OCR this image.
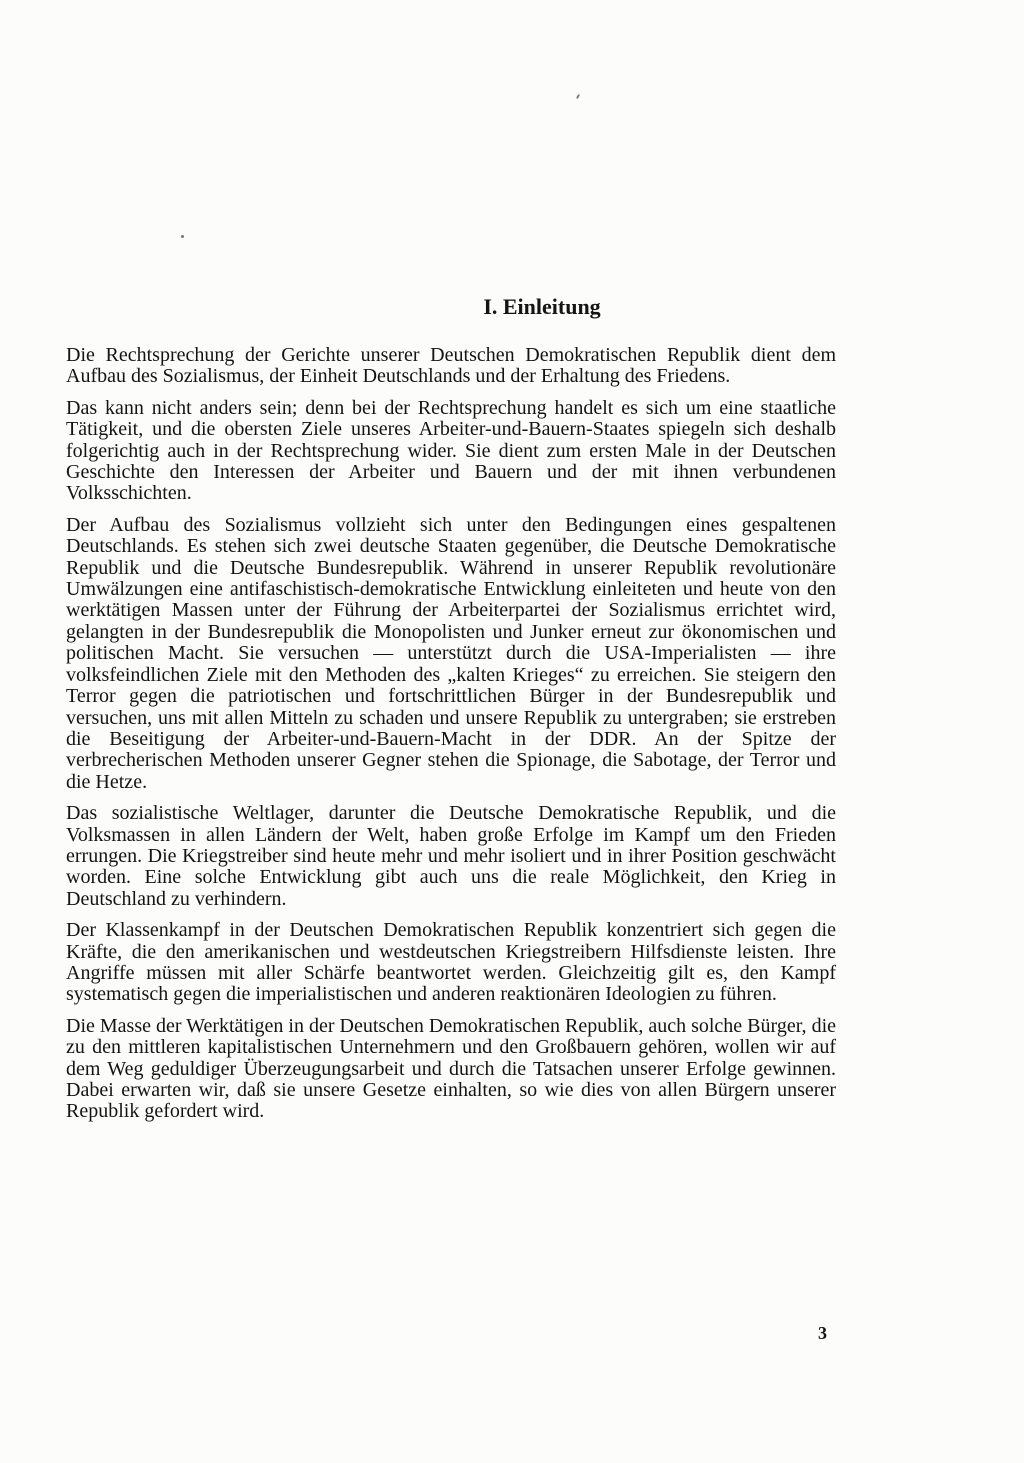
I. Einleitung

Die Rechtsprechung der Gerichte unserer Deutschen Demokratischen Republik dient dem Aufbau des Sozialismus, der Einheit Deutschlands und der Erhaltung des Friedens.

Das kann nicht anders sein; denn bei der Rechtsprechung handelt es sich um eine staatliche Tätigkeit, und die obersten Ziele unseres Arbeiter-und-Bauern-Staates spiegeln sich deshalb folgerichtig auch in der Rechtsprechung wider. Sie dient zum ersten Male in der Deutschen Geschichte den Interessen der Arbeiter und Bauern und der mit ihnen verbundenen Volksschichten.

Der Aufbau des Sozialismus vollzieht sich unter den Bedingungen eines gespaltenen Deutschlands. Es stehen sich zwei deutsche Staaten gegenüber, die Deutsche Demokratische Republik und die Deutsche Bundesrepublik. Während in unserer Republik revolutionäre Umwälzungen eine antifaschistisch-demokratische Entwicklung einleiteten und heute von den werktätigen Massen unter der Führung der Arbeiterpartei der Sozialismus errichtet wird, gelangten in der Bundesrepublik die Monopolisten und Junker erneut zur ökonomischen und politischen Macht. Sie versuchen — unterstützt durch die USA-Imperialisten — ihre volksfeindlichen Ziele mit den Methoden des „kalten Krieges“ zu erreichen. Sie steigern den Terror gegen die patriotischen und fortschrittlichen Bürger in der Bundesrepublik und versuchen, uns mit allen Mitteln zu schaden und unsere Republik zu untergraben; sie erstreben die Beseitigung der Arbeiter-und-Bauern-Macht in der DDR. An der Spitze der verbrecherischen Methoden unserer Gegner stehen die Spionage, die Sabotage, der Terror und die Hetze.

Das sozialistische Weltlager, darunter die Deutsche Demokratische Republik, und die Volksmassen in allen Ländern der Welt, haben große Erfolge im Kampf um den Frieden errungen. Die Kriegstreiber sind heute mehr und mehr isoliert und in ihrer Position geschwächt worden. Eine solche Entwicklung gibt auch uns die reale Möglichkeit, den Krieg in Deutschland zu verhindern.

Der Klassenkampf in der Deutschen Demokratischen Republik konzentriert sich gegen die Kräfte, die den amerikanischen und westdeutschen Kriegstreibern Hilfsdienste leisten. Ihre Angriffe müssen mit aller Schärfe beantwortet werden. Gleichzeitig gilt es, den Kampf systematisch gegen die imperialistischen und anderen reaktionären Ideologien zu führen.

Die Masse der Werktätigen in der Deutschen Demokratischen Republik, auch solche Bürger, die zu den mittleren kapitalistischen Unternehmern und den Großbauern gehören, wollen wir auf dem Weg geduldiger Überzeugungsarbeit und durch die Tatsachen unserer Erfolge gewinnen. Dabei erwarten wir, daß sie unsere Gesetze einhalten, so wie dies von allen Bürgern unserer Republik gefordert wird.

3
